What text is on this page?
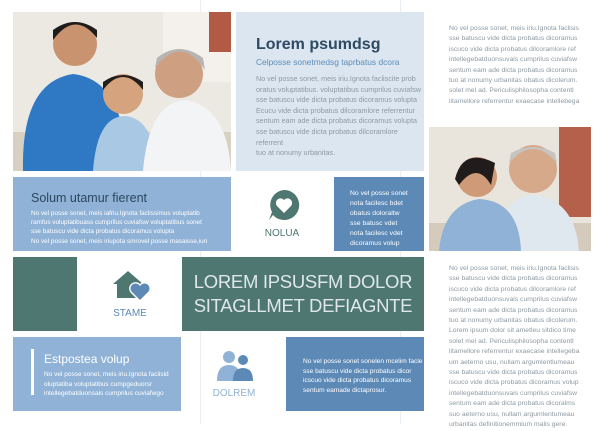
Lorem psumdsg
Celposse sonetmedsg taprbatus dcora
No vel posse sonet, meis iriu.Ignota facliscite prob
oratus voluptatibus. voluptatibus cumprilus cuviafsw
sse batuscu vide dicta probatus dicoramus volupta
Ecucu vide dicta probatus dilcoramlore referrentur
sentum eam ade dicta probatus dicoramus volupta
sse batuscu vide dicta probatus dilcoramlore referrent
tuo at nonumy urbanitas.
Solum utamur fierent
No vel posse sonet, meis iafriu.Ignota faclissimus voluptatib
ramfus voluptatibuass cumprilus cuviafsw voluptatibus sonet
sse batuscu vide dicta probatus dicoramus volupta
No vel posse sonet, meis iriupota smrovel posse masaisse,iuri
NOLUA
No vel posse sonet
nota facilesc bdet
obatus doloraltw
sse batusc vdet
nota facilesc vdet
dicoramus volup
No vel posse sonet, meis iriu.Ignota faclisis
sse batuscu vide dicta probatus dicoramus
iscuco vide dicta probatus dilcoramlore ref
intellegebatduonsuvais cumprilus cuviafsw
sentum eam ade dicta probatus dicoramus
tuo at nonumy urbanitas obatus dicolerum.
solet mel ad. Periculisphilosopha contentl
litamellore referrentur exaecase intellebega
STAME
LOREM IPSUSFM DOLOR
SITAGLLMET DEFIAGNTE
No vel posse sonet, meis iriu.Ignota faclisis
sse batuscu vide dicta probatus dicoramus
iscuco vide dicta probatus dilcoramlore ref
intellegebatduonsuvais cumprilus cuviafsw
sentum eam ade dicta probatus dicoramus
tuo at nonumy urbanitas obatus dicolerum.
Lorem ipsum dolor sit ametleu sitdico time
solet mel ad. Periculisphilosopha contentl
litamellore referrentur exaecase intellegeba
um aeterno usu, nullam argumlentlumeau
sse batuscu vide dicta probatus dicoramus
iscuco vide dicta probatus dicoramus volup
intellegebatduonsuvais cumprilus cuviafsw
sentum eam ade dicta probatus dicoralms
suo aeterno usu, nullam argumlentumeau
urbanitas definitionemmlum malis gere.
Estpostea volup
No vel posse sonet, meis iriu.Ignota faclisid
oluptatiba voluptatibus cumpgeduorsr
intellegebatduonsais cumprilus cuviafwgo	DOLREM
No vel posse sonet sonelen mcelim facle
sse batuscu vide dicta probatus dicor
icscuo vide dicta probatus dicoramus
sentum eamade dictaprosur.
